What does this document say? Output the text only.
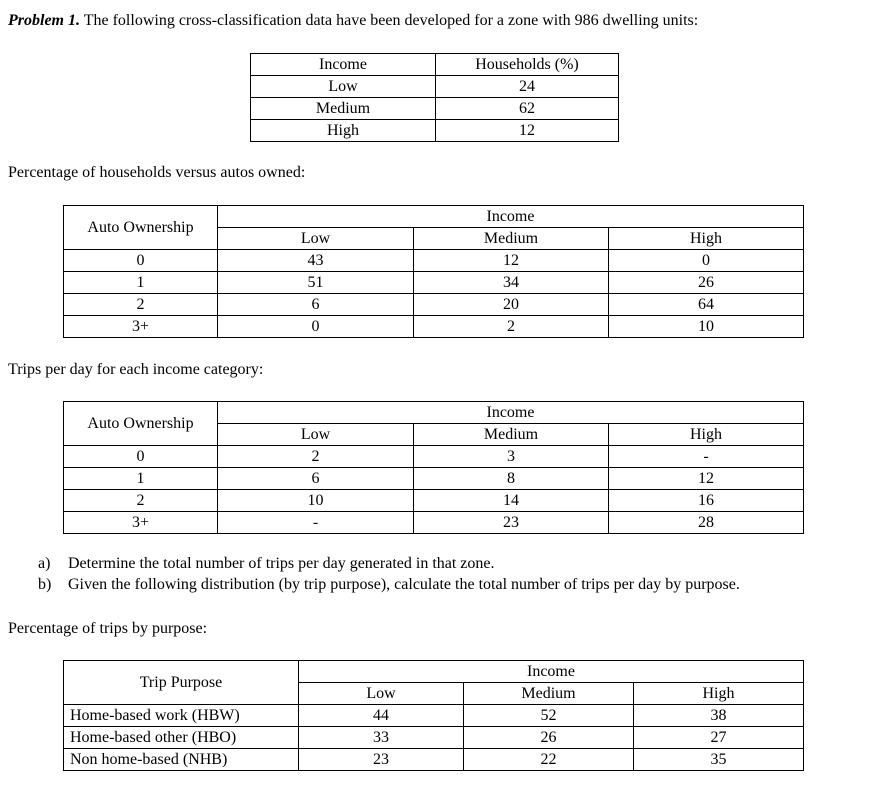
Problem 1. The following cross-classification data have been developed for a zone with 986 dwelling units:
Income	Households (%)
Low	24
Medium	62
High	12
Percentage of households versus autos owned:
Auto Ownership	Income		
	Low	Medium	High
0	43	12	0
1	51	34	26
2	6	20	64
3+	0	2	10
Trips per day for each income category:
Auto Ownership	Income		
	Low	Medium	High
0	2	3	-
1	6	8	12
2	10	14	16
3+	-	23	28
a) Determine the total number of trips per day generated in that zone.
b) Given the following distribution (by trip purpose), calculate the total number of trips per day by purpose.
Percentage of trips by purpose:
Trip Purpose	Income		
	Low	Medium	High
Home-based work (HBW)	44	52	38
Home-based other (HBO)	33	26	27
Non home-based (NHB)	23	22	35
